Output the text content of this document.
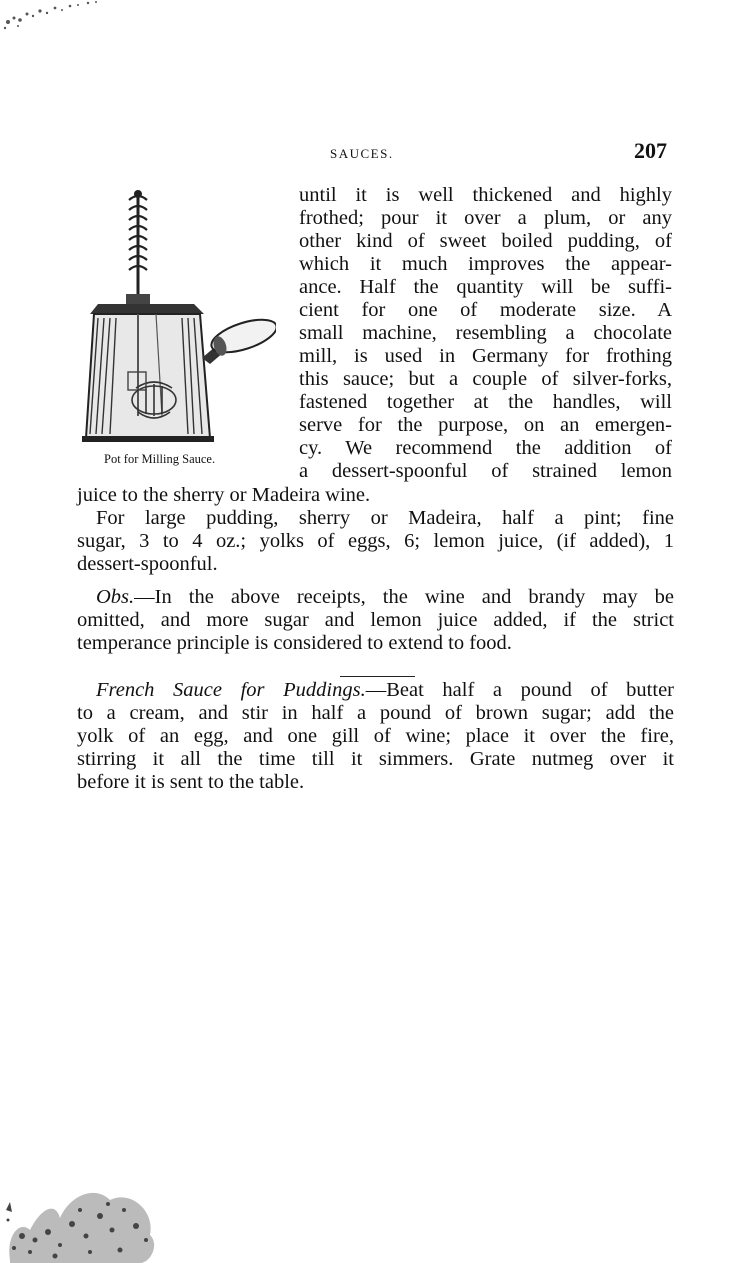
SAUCES.	207
Pot for Milling Sauce.
until it is well thickened and highly
frothed; pour it over a plum, or any
other kind of sweet boiled pudding, of
which it much improves the appear-
ance. Half the quantity will be suffi-
cient for one of moderate size. A
small machine, resembling a chocolate
mill, is used in Germany for frothing
this sauce; but a couple of silver-forks,
fastened together at the handles, will
serve for the purpose, on an emergen-
cy. We recommend the addition of
a dessert-spoonful of strained lemon
juice to the sherry or Madeira wine.
For large pudding, sherry or Madeira, half a pint; fine
sugar, 3 to 4 oz.; yolks of eggs, 6; lemon juice, (if added), 1
dessert-spoonful.
Obs.—In the above receipts, the wine and brandy may be
omitted, and more sugar and lemon juice added, if the strict
temperance principle is considered to extend to food.
French Sauce for Puddings.—Beat half a pound of butter
to a cream, and stir in half a pound of brown sugar; add the
yolk of an egg, and one gill of wine; place it over the fire,
stirring it all the time till it simmers. Grate nutmeg over it
before it is sent to the table.
